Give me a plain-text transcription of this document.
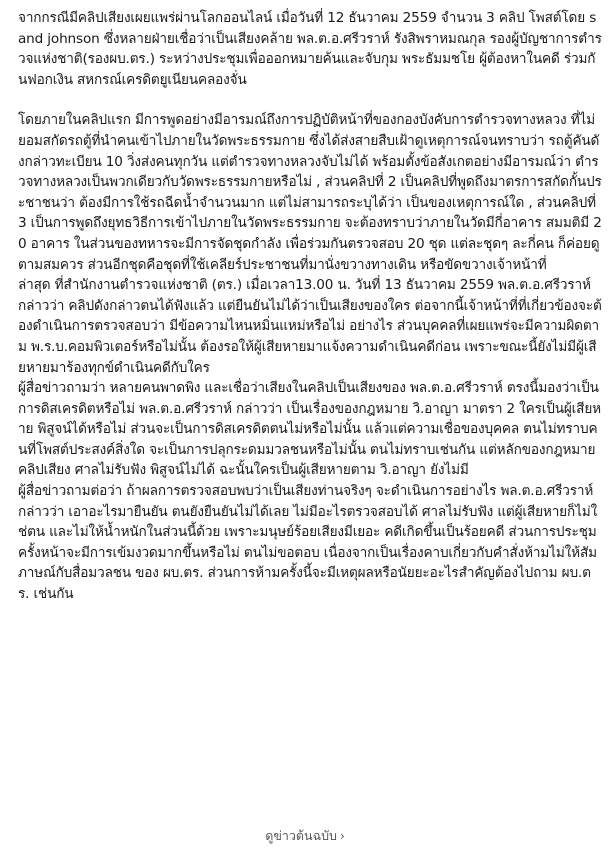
จากกรณีมีคลิปเสียงเผยแพร่ผ่านโลกออนไลน์ เมื่อวันที่ 12 ธันวาคม 2559 จำนวน 3 คลิป โพสต์โดย sand johnson ซึ่งหลายฝ่ายเชื่อว่าเป็นเสียงคล้าย พล.ต.อ.ศรีวราห์ รังสิพราหมณกุล รองผู้บัญชาการตำรวจแห่งชาติ(รองผบ.ตร.) ระหว่างประชุมเพื่อออกหมายค้นและจับกุม พระธัมมชโย ผู้ต้องหาในคดี ร่วมกันฟอกเงิน สหกรณ์เครดิตยูเนียนคลองจั่น

โดยภายในคลิปแรก มีการพูดอย่างมีอารมณ์ถึงการปฏิบัติหน้าที่ของกองบังคับการตำรวจทางหลวง ที่ไม่ยอมสกัดรถตู้ที่นำคนเข้าไปภายในวัดพระธรรมกาย ซึ่งได้ส่งสายสืบเฝ้าดูเหตุการณ์จนทราบว่า รถตู้คันดังกล่าวทะเบียน 10 วิ่งส่งคนทุกวัน แต่ตำรวจทางหลวงจับไม่ได้ พร้อมตั้งข้อสังเกตอย่างมีอารมณ์ว่า ตำรวจทางหลวงเป็นพวกเดียวกับวัดพระธรรมกายหรือไม่ , ส่วนคลิปที่ 2 เป็นคลิปที่พูดถึงมาตรการสกัดกั้นประชาชนว่า ต้องมีการใช้รถฉีดน้ำจำนวนมาก แต่ไม่สามารถระบุได้ว่า เป็นของเหตุการณ์ใด , ส่วนคลิปที่ 3 เป็นการพูดถึงยุทธวิธีการเข้าไปภายในวัดพระธรรมกาย จะต้องทราบว่าภายในวัดมีกี่อาคาร สมมติมี 20 อาคาร ในส่วนของทหารจะมีการจัดชุดกำลัง เพื่อร่วมกันตรวจสอบ 20 ชุด แต่ละชุดๆ ละกี่คน ก็ค่อยดูตามสมควร ส่วนอีกชุดคือชุดที่ใช้เคลียร์ประชาชนที่มานั่งขวางทางเดิน หรือขัดขวางเจ้าหน้าที่

ล่าสุด ที่สำนักงานตำรวจแห่งชาติ (ตร.) เมื่อเวลา13.00 น. วันที่ 13 ธันวาคม 2559 พล.ต.อ.ศรีวราห์ กล่าวว่า คลิปดังกล่าวตนได้ฟังแล้ว แต่ยืนยันไม่ได้ว่าเป็นเสียงของใคร ต่อจากนี้เจ้าหน้าที่ที่เกี่ยวข้องจะต้องดำเนินการตรวจสอบว่า มีข้อความไหนหมิ่นแหม่หรือไม่ อย่างไร ส่วนบุคคลที่เผยแพร่จะมีความผิดตาม พ.ร.บ.คอมพิวเตอร์หรือไม่นั้น ต้องรอให้ผู้เสียหายมาแจ้งความดำเนินคดีก่อน เพราะขณะนี้ยังไม่มีผู้เสียหายมาร้องทุกข์ดำเนินคดีกับใคร

ผู้สื่อข่าวถามว่า หลายคนพาดพิง และเชื่อว่าเสียงในคลิปเป็นเสียงของ พล.ต.อ.ศรีวราห์ ตรงนี้มองว่าเป็นการดิสเครดิตหรือไม่ พล.ต.อ.ศรีวราห์ กล่าวว่า เป็นเรื่องของกฎหมาย วิ.อาญา มาตรา 2 ใครเป็นผู้เสียหาย พิสูจน์ได้หรือไม่ ส่วนจะเป็นการดิสเครดิตตนไม่หรือไม่นั้น แล้วแต่ความเชื่อของบุคคล ตนไม่ทราบคนที่โพสต์ประสงค์สิ่งใด จะเป็นการปลุกระดมมวลชนหรือไม่นั้น ตนไม่ทราบเช่นกัน แต่หลักของกฎหมายคลิปเสียง ศาลไม่รับฟัง พิสูจน์ไม่ได้ ฉะนั้นใครเป็นผู้เสียหายตาม วิ.อาญา ยังไม่มี

ผู้สื่อข่าวถามต่อว่า ถ้าผลการตรวจสอบพบว่าเป็นเสียงท่านจริงๆ จะดำเนินการอย่างไร พล.ต.อ.ศรีวราห์ กล่าวว่า เอาอะไรมายืนยัน ตนยังยืนยันไม่ได้เลย ไม่มีอะไรตรวจสอบได้ ศาลไม่รับฟัง แต่ผู้เสียหายก็ไม่ใช่ตน และไม่ให้น้ำหนักในส่วนนี้ด้วย เพราะมนุษย์ร้อยเสียงมีเยอะ คดีเกิดขึ้นเป็นร้อยคดี ส่วนการประชุมครั้งหน้าจะมีการเข้มงวดมากขึ้นหรือไม่ ตนไม่ขอตอบ เนื่องจากเป็นเรื่องคาบเกี่ยวกับคำสั่งห้ามไม่ให้สัมภาษณ์กับสื่อมวลชน ของ ผบ.ตร. ส่วนการห้ามครั้งนี้จะมีเหตุผลหรือนัยยะอะไรสำคัญต้องไปถาม ผบ.ตร. เช่นกัน

ดูข่าวต้นฉบับ ›
